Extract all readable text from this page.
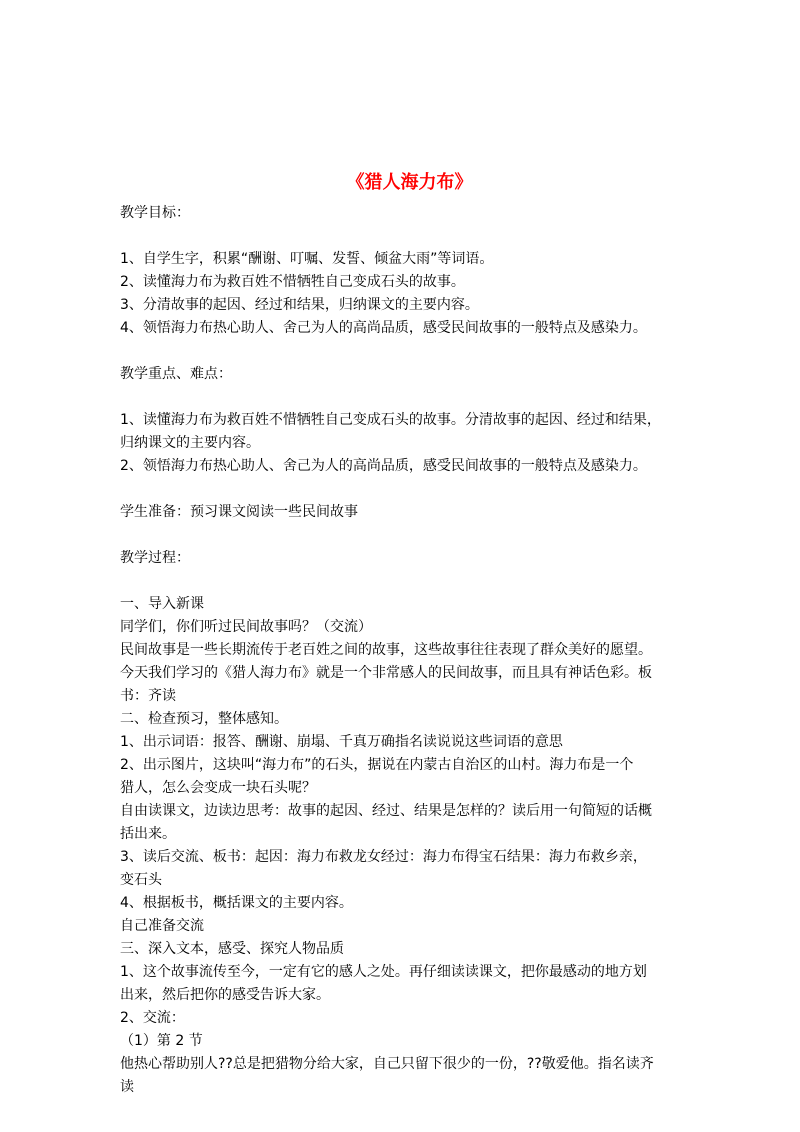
《猎人海力布》

教学目标：

1、自学生字，积累“酬谢、叮嘱、发誓、倾盆大雨”等词语。

2、读懂海力布为救百姓不惜牺牲自己变成石头的故事。

3、分清故事的起因、经过和结果，归纳课文的主要内容。

4、领悟海力布热心助人、舍己为人的高尚品质，感受民间故事的一般特点及感染力。

教学重点、难点：

1、读懂海力布为救百姓不惜牺牲自己变成石头的故事。分清故事的起因、经过和结果，

归纳课文的主要内容。

2、领悟海力布热心助人、舍己为人的高尚品质，感受民间故事的一般特点及感染力。

学生准备：预习课文阅读一些民间故事

教学过程：

一、导入新课

同学们，你们听过民间故事吗？（交流）

民间故事是一些长期流传于老百姓之间的故事，这些故事往往表现了群众美好的愿望。

今天我们学习的《猎人海力布》就是一个非常感人的民间故事，而且具有神话色彩。板

书：齐读

二、检查预习，整体感知。

1、出示词语：报答、酬谢、崩塌、千真万确指名读说说这些词语的意思

2、出示图片，这块叫“海力布”的石头，据说在内蒙古自治区的山村。海力布是一个

猎人，怎么会变成一块石头呢？

自由读课文，边读边思考：故事的起因、经过、结果是怎样的？读后用一句简短的话概

括出来。

3、读后交流、板书：起因：海力布救龙女经过：海力布得宝石结果：海力布救乡亲，

变石头

4、根据板书，概括课文的主要内容。

自己准备交流

三、深入文本，感受、探究人物品质

1、这个故事流传至今，一定有它的感人之处。再仔细读读课文，把你最感动的地方划

出来，然后把你的感受告诉大家。

2、交流：

（1）第 2 节

他热心帮助别人??总是把猎物分给大家，自己只留下很少的一份，??敬爱他。指名读齐

读
